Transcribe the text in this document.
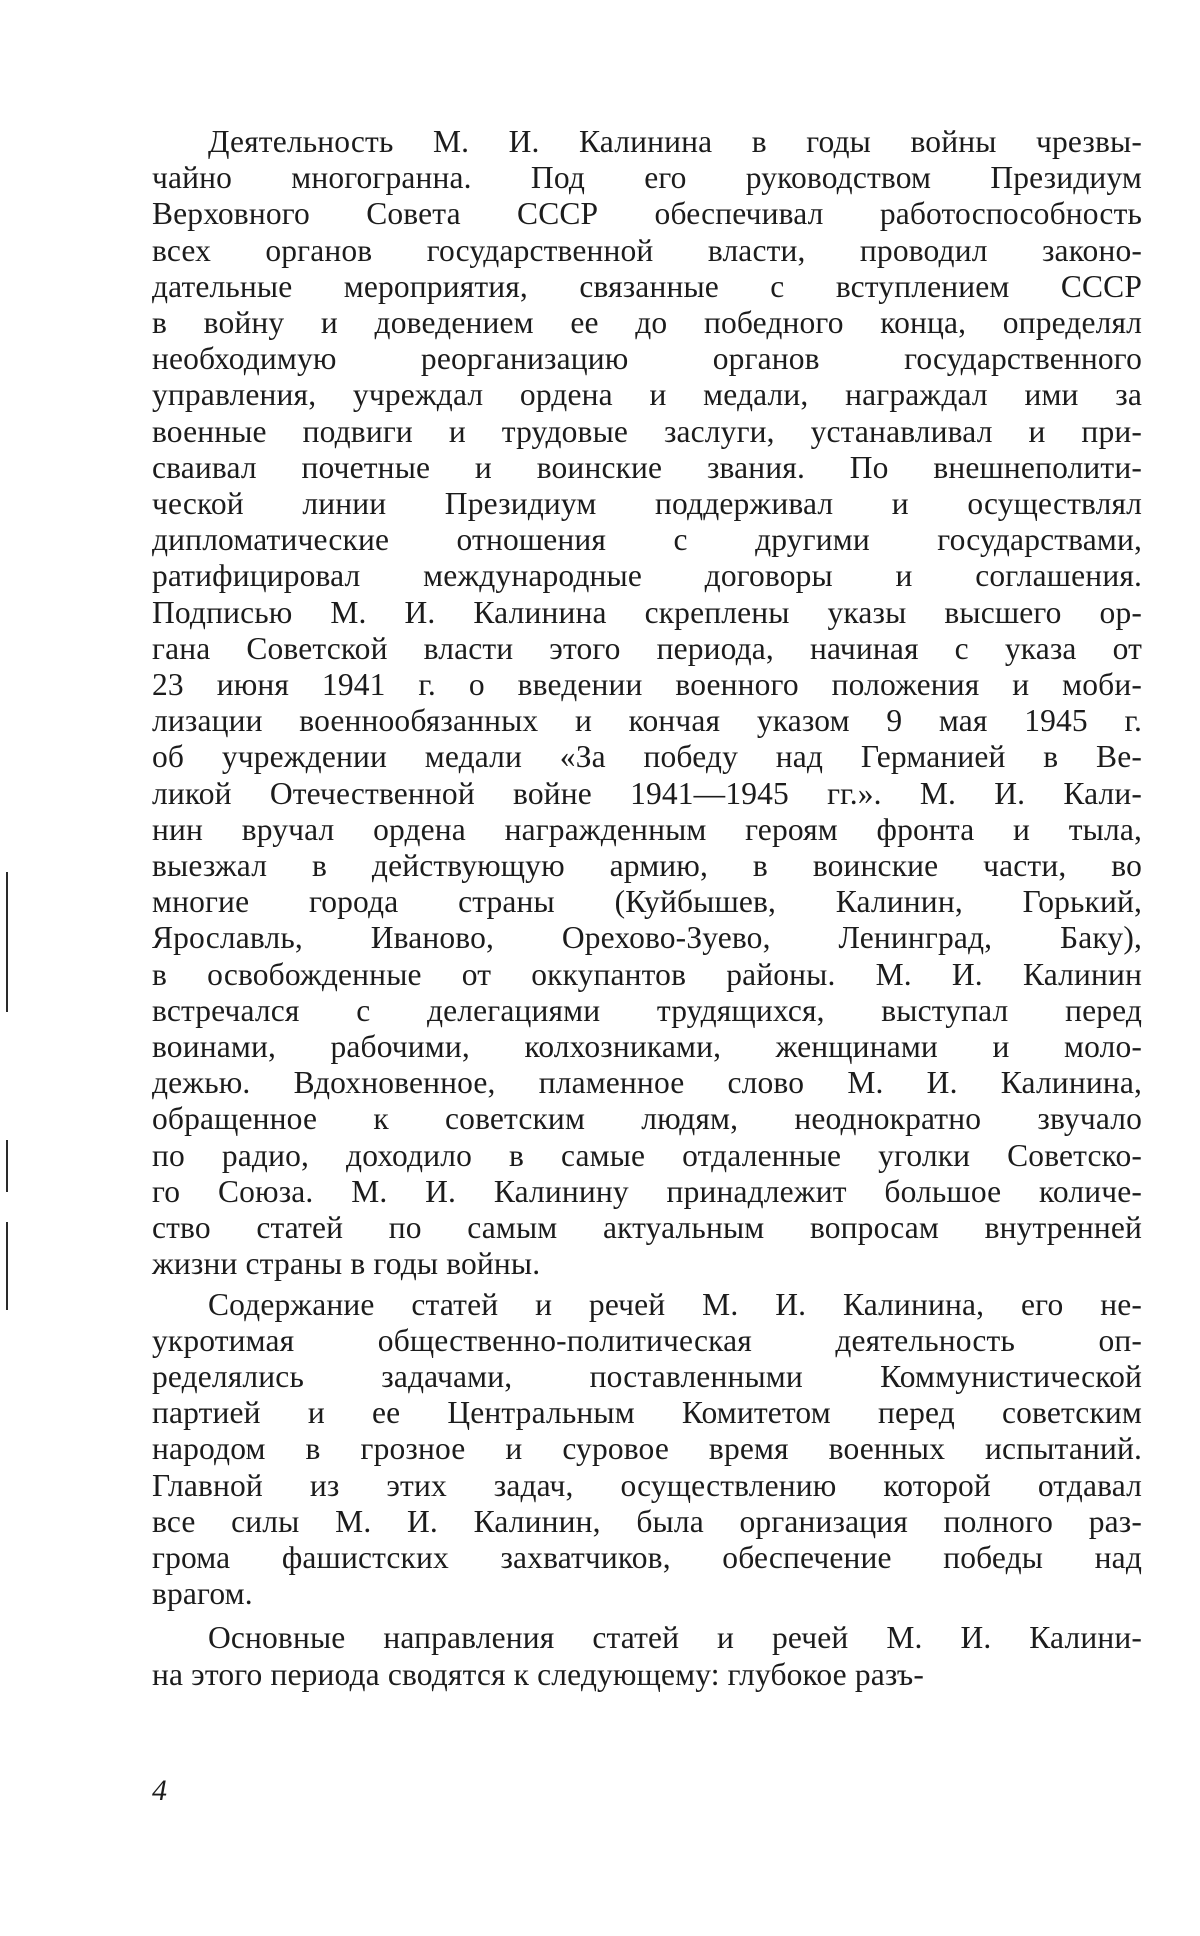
Деятельность М. И. Калинина в годы войны чрезвы-
чайно многогранна. Под его руководством Президиум
Верховного Совета СССР обеспечивал работоспособность
всех органов государственной власти, проводил законо-
дательные мероприятия, связанные с вступлением СССР
в войну и доведением ее до победного конца, определял
необходимую реорганизацию органов государственного
управления, учреждал ордена и медали, награждал ими за
военные подвиги и трудовые заслуги, устанавливал и при-
сваивал почетные и воинские звания. По внешнеполити-
ческой линии Президиум поддерживал и осуществлял
дипломатические отношения с другими государствами,
ратифицировал международные договоры и соглашения.
Подписью М. И. Калинина скреплены указы высшего ор-
гана Советской власти этого периода, начиная с указа от
23 июня 1941 г. о введении военного положения и моби-
лизации военнообязанных и кончая указом 9 мая 1945 г.
об учреждении медали «За победу над Германией в Ве-
ликой Отечественной войне 1941—1945 гг.». М. И. Кали-
нин вручал ордена награжденным героям фронта и тыла,
выезжал в действующую армию, в воинские части, во
многие города страны (Куйбышев, Калинин, Горький,
Ярославль, Иваново, Орехово-Зуево, Ленинград, Баку),
в освобожденные от оккупантов районы. М. И. Калинин
встречался с делегациями трудящихся, выступал перед
воинами, рабочими, колхозниками, женщинами и моло-
дежью. Вдохновенное, пламенное слово М. И. Калинина,
обращенное к советским людям, неоднократно звучало
по радио, доходило в самые отдаленные уголки Советско-
го Союза. М. И. Калинину принадлежит большое количе-
ство статей по самым актуальным вопросам внутренней
жизни страны в годы войны.
Содержание статей и речей М. И. Калинина, его не-
укротимая общественно-политическая деятельность оп-
ределялись задачами, поставленными Коммунистической
партией и ее Центральным Комитетом перед советским
народом в грозное и суровое время военных испытаний.
Главной из этих задач, осуществлению которой отдавал
все силы М. И. Калинин, была организация полного раз-
грома фашистских захватчиков, обеспечение победы над
врагом.
Основные направления статей и речей М. И. Калини-
на этого периода сводятся к следующему: глубокое разъ-
4
